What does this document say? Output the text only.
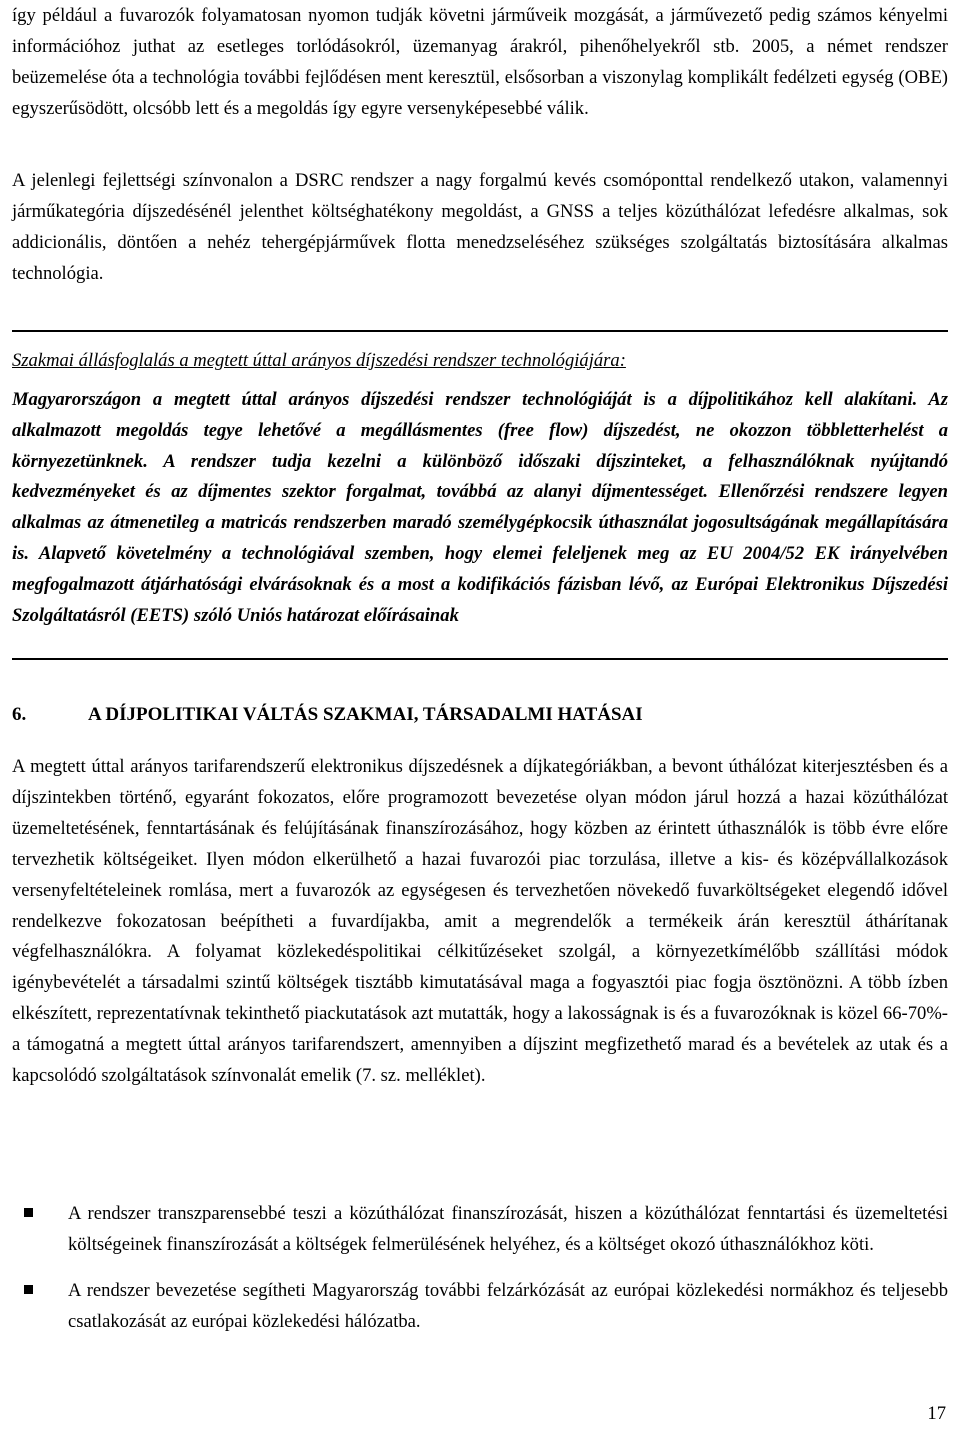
így például a fuvarozók folyamatosan nyomon tudják követni járműveik mozgását, a járművezető pedig számos kényelmi információhoz juthat az esetleges torlódásokról, üzemanyag árakról, pihenőhelyekről stb. 2005, a német rendszer beüzemelése óta a technológia további fejlődésen ment keresztül, elsősorban a viszonylag komplikált fedélzeti egység (OBE) egyszerűsödött, olcsóbb lett és a megoldás így egyre versenyképesebbé válik.

A jelenlegi fejlettségi színvonalon a DSRC rendszer a nagy forgalmú kevés csomóponttal rendelkező utakon, valamennyi járműkategória díjszedésénél jelenthet költséghatékony megoldást, a GNSS a teljes közúthálózat lefedésre alkalmas, sok addicionális, döntően a nehéz tehergépjárművek flotta menedzseléséhez szükséges szolgáltatás biztosítására alkalmas technológia.

Szakmai állásfoglalás a megtett úttal arányos díjszedési rendszer technológiájára:
Magyarországon a megtett úttal arányos díjszedési rendszer technológiáját is a díjpolitikához kell alakítani. Az alkalmazott megoldás tegye lehetővé a megállásmentes (free flow) díjszedést, ne okozzon többletterhelést a környezetünknek. A rendszer tudja kezelni a különböző időszaki díjszinteket, a felhasználóknak nyújtandó kedvezményeket és az díjmentes szektor forgalmat, továbbá az alanyi díjmentességet. Ellenőrzési rendszere legyen alkalmas az átmenetileg a matricás rendszerben maradó személygépkocsik úthasználat jogosultságának megállapítására is. Alapvető követelmény a technológiával szemben, hogy elemei feleljenek meg az EU 2004/52 EK irányelvében megfogalmazott átjárhatósági elvárásoknak és a most a kodifikációs fázisban lévő, az Európai Elektronikus Díjszedési Szolgáltatásról (EETS) szóló Uniós határozat előírásainak
6.	A DÍJPOLITIKAI VÁLTÁS SZAKMAI, TÁRSADALMI HATÁSAI

A megtett úttal arányos tarifarendszerű elektronikus díjszedésnek a díjkategóriákban, a bevont úthálózat kiterjesztésben és a díjszintekben történő, egyaránt fokozatos, előre programozott bevezetése olyan módon járul hozzá a hazai közúthálózat üzemeltetésének, fenntartásának és felújításának finanszírozásához, hogy közben az érintett úthasználók is több évre előre tervezhetik költségeiket. Ilyen módon elkerülhető a hazai fuvarozói piac torzulása, illetve a kis- és középvállalkozások versenyfeltételeinek romlása, mert a fuvarozók az egységesen és tervezhetően növekedő fuvarköltségeket elegendő idővel rendelkezve fokozatosan beépítheti a fuvardíjakba, amit a megrendelők a termékeik árán keresztül áthárítanak végfelhasználókra. A folyamat közlekedéspolitikai célkitűzéseket szolgál, a környezetkímélőbb szállítási módok igénybevételét a társadalmi szintű költségek tisztább kimutatásával maga a fogyasztói piac fogja ösztönözni. A több ízben elkészített, reprezentatívnak tekinthető piackutatások azt mutatták, hogy a lakosságnak is és a fuvarozóknak is közel 66-70%-a támogatná a megtett úttal arányos tarifarendszert, amennyiben a díjszint megfizethető marad és a bevételek az utak és a kapcsolódó szolgáltatások színvonalát emelik (7. sz. melléklet).

A rendszer transzparensebbé teszi a közúthálózat finanszírozását, hiszen a közúthálózat fenntartási és üzemeltetési költségeinek finanszírozását a költségek felmerülésének helyéhez, és a költséget okozó úthasználókhoz köti.

A rendszer bevezetése segítheti Magyarország további felzárkózását az európai közlekedési normákhoz és teljesebb csatlakozását az európai közlekedési hálózatba.

17
